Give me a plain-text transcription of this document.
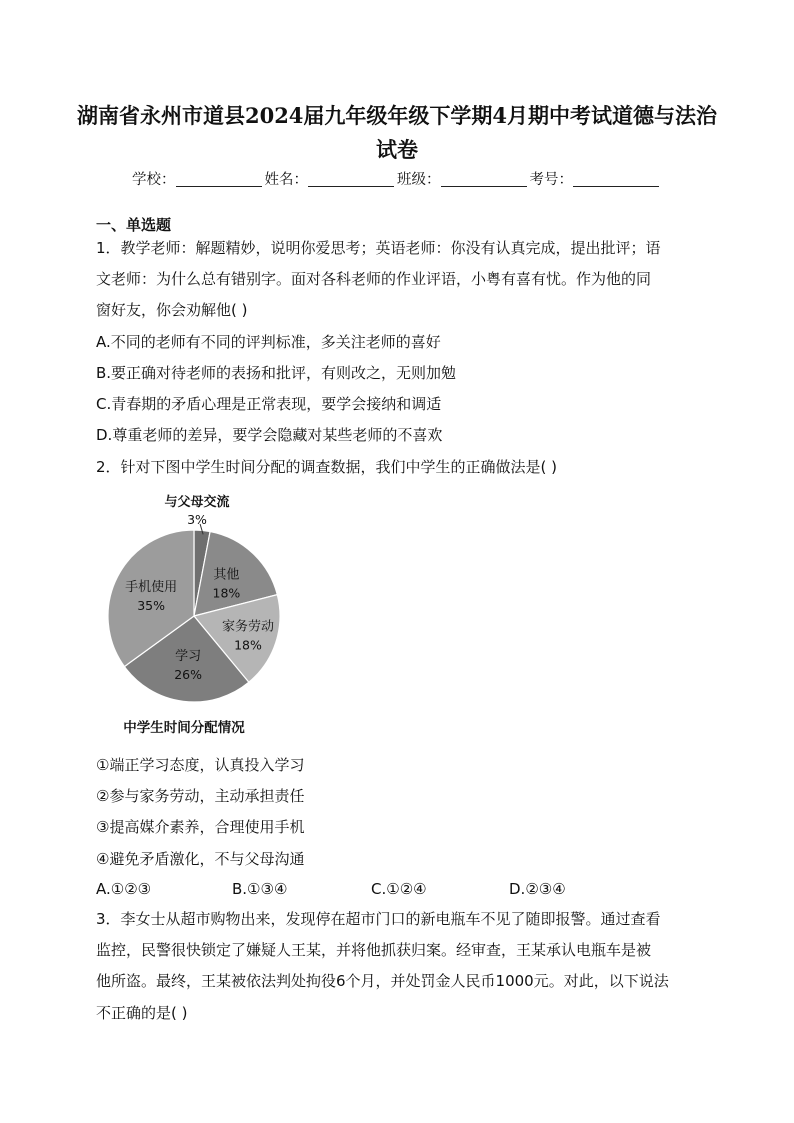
湖南省永州市道县2024届九年级年级下学期4月期中考试道德与法治
试卷
学校：	姓名：	班级：	考号：
一、单选题
1．教学老师：解题精妙，说明你爱思考；英语老师：你没有认真完成，提出批评；语
文老师：为什么总有错别字。面对各科老师的作业评语，小粤有喜有忧。作为他的同
窗好友，你会劝解他( )
A.不同的老师有不同的评判标准，多关注老师的喜好
B.要正确对待老师的表扬和批评，有则改之，无则加勉
C.青春期的矛盾心理是正常表现，要学会接纳和调适
D.尊重老师的差异，要学会隐藏对某些老师的不喜欢
2．针对下图中学生时间分配的调查数据，我们中学生的正确做法是( )
与父母交流
3%
其他
18%
家务劳动
18%
学习
26%
手机使用
35%
中学生时间分配情况
①端正学习态度，认真投入学习
②参与家务劳动，主动承担责任
③提高媒介素养，合理使用手机
④避免矛盾激化，不与父母沟通
A.①②③	B.①③④	C.①②④	D.②③④
3．李女士从超市购物出来，发现停在超市门口的新电瓶车不见了随即报警。通过查看
监控，民警很快锁定了嫌疑人王某，并将他抓获归案。经审查，王某承认电瓶车是被
他所盗。最终，王某被依法判处拘役6个月，并处罚金人民币1000元。对此，以下说法
不正确的是( )
